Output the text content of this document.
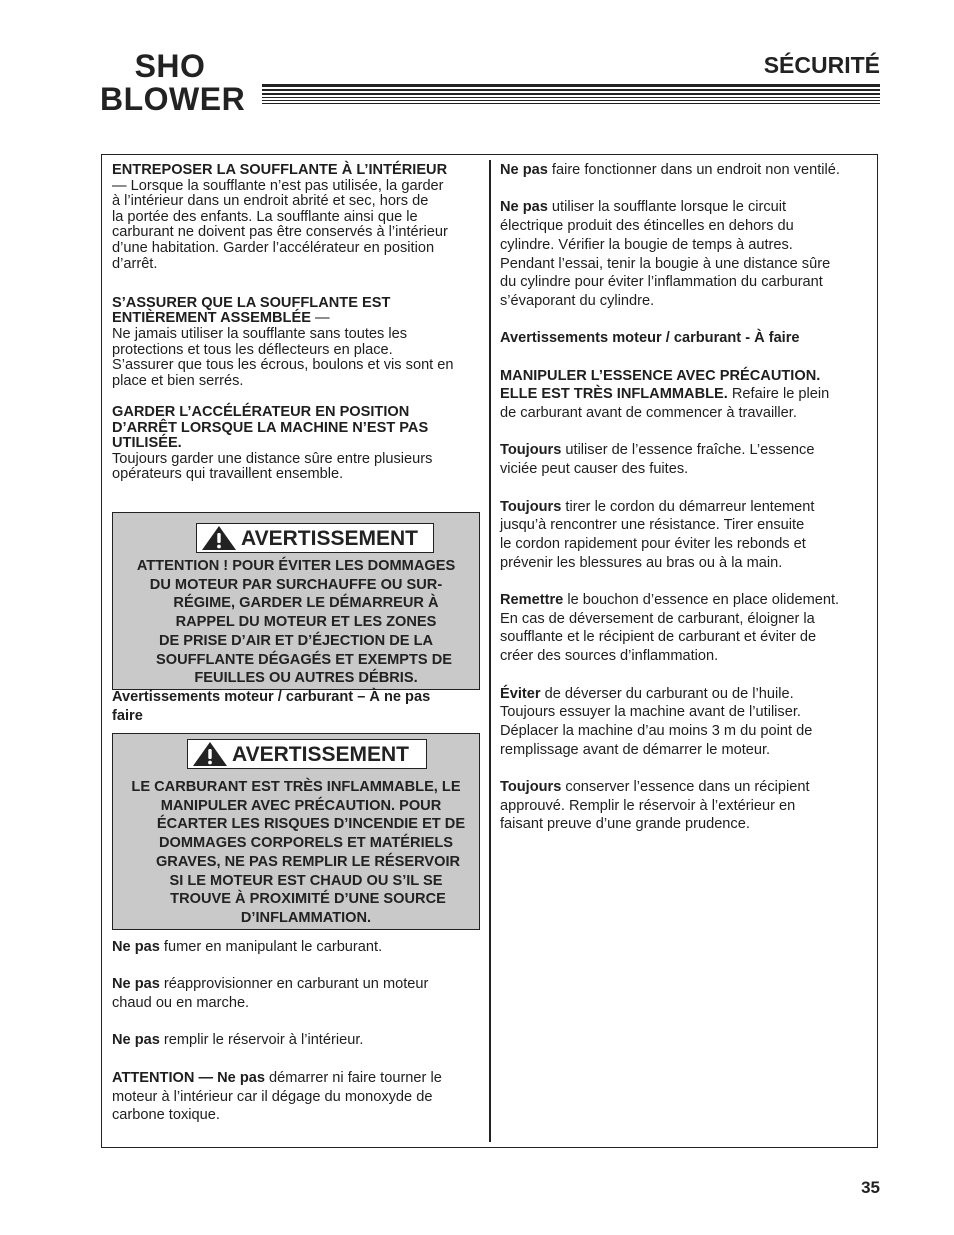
SHO
BLOWER
SÉCURITÉ

ENTREPOSER LA SOUFFLANTE À L’INTÉRIEUR

— Lorsque la soufflante n’est pas utilisée, la garder

à l’intérieur dans un endroit abrité et sec, hors de

la portée des enfants. La soufflante ainsi que le

carburant ne doivent pas être conservés à l’intérieur

d’une habitation. Garder l’accélérateur en position

d’arrêt.

S’ASSURER QUE LA SOUFFLANTE EST

ENTIÈREMENT ASSEMBLÉE —

Ne jamais utiliser la soufflante sans toutes les

protections et tous les déflecteurs en place.

S’assurer que tous les écrous, boulons et vis sont en

place et bien serrés.

GARDER L’ACCÉLÉRATEUR EN POSITION

D’ARRÊT LORSQUE LA MACHINE N’EST PAS

UTILISÉE.

Toujours garder une distance sûre entre plusieurs

opérateurs qui travaillent ensemble.

AVERTISSEMENT
ATTENTION ! POUR ÉVITER LES DOMMAGES
DU MOTEUR PAR SURCHAUFFE OU SUR-
RÉGIME, GARDER LE DÉMARREUR À
RAPPEL DU MOTEUR ET LES ZONES
DE PRISE D’AIR ET D’ÉJECTION DE LA
SOUFFLANTE DÉGAGÉS ET EXEMPTS DE
FEUILLES OU AUTRES DÉBRIS.
Avertissements moteur / carburant – À ne pas
faire
AVERTISSEMENT
LE CARBURANT EST TRÈS INFLAMMABLE, LE
MANIPULER AVEC PRÉCAUTION. POUR
ÉCARTER LES RISQUES D’INCENDIE ET DE
DOMMAGES CORPORELS ET MATÉRIELS
GRAVES, NE PAS REMPLIR LE RÉSERVOIR
SI LE MOTEUR EST CHAUD OU S’IL SE
TROUVE À PROXIMITÉ D’UNE SOURCE
D’INFLAMMATION.

Ne pas fumer en manipulant le carburant.

Ne pas réapprovisionner en carburant un moteur

chaud ou en marche.

Ne pas remplir le réservoir à l’intérieur.

ATTENTION — Ne pas démarrer ni faire tourner le

moteur à l’intérieur car il dégage du monoxyde de

carbone toxique.

Ne pas faire fonctionner dans un endroit non ventilé.

Ne pas utiliser la soufflante lorsque le circuit

électrique produit des étincelles en dehors du

cylindre. Vérifier la bougie de temps à autres.

Pendant l’essai, tenir la bougie à une distance sûre

du cylindre pour éviter l’inflammation du carburant

s’évaporant du cylindre.

Avertissements moteur / carburant - À faire

MANIPULER L’ESSENCE AVEC PRÉCAUTION.

ELLE EST TRÈS INFLAMMABLE. Refaire le plein

de carburant avant de commencer à travailler.

Toujours utiliser de l’essence fraîche. L’essence

viciée peut causer des fuites.

Toujours tirer le cordon du démarreur lentement

jusqu’à rencontrer une résistance. Tirer ensuite

le cordon rapidement pour éviter les rebonds et

prévenir les blessures au bras ou à la main.

Remettre le bouchon d’essence en place olidement.

En cas de déversement de carburant, éloigner la

soufflante et le récipient de carburant et éviter de

créer des sources d’inflammation.

Éviter de déverser du carburant ou de l’huile.

Toujours essuyer la machine avant de l’utiliser.

Déplacer la machine d’au moins 3 m du point de

remplissage avant de démarrer le moteur.

Toujours conserver l’essence dans un récipient

approuvé. Remplir le réservoir à l’extérieur en

faisant preuve d’une grande prudence.

35
